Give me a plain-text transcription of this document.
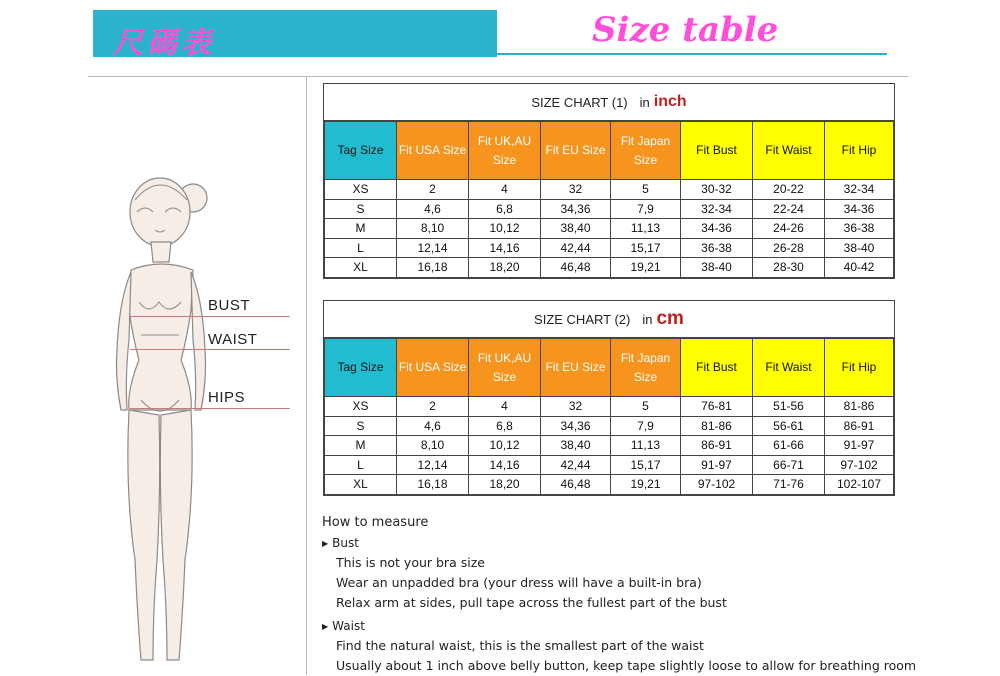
尺碼表	Size table
BUST
WAIST
HIPS
SIZE CHART (1) in inch
Tag Size	Fit USA Size	Fit UK,AU Size	Fit EU Size	Fit Japan Size	Fit Bust	Fit Waist	Fit Hip
XS	2	4	32	5	30-32	20-22	32-34
S	4,6	6,8	34,36	7,9	32-34	22-24	34-36
M	8,10	10,12	38,40	11,13	34-36	24-26	36-38
L	12,14	14,16	42,44	15,17	36-38	26-28	38-40
XL	16,18	18,20	46,48	19,21	38-40	28-30	40-42
SIZE CHART (2) in cm
Tag Size	Fit USA Size	Fit UK,AU Size	Fit EU Size	Fit Japan Size	Fit Bust	Fit Waist	Fit Hip
XS	2	4	32	5	76-81	51-56	81-86
S	4,6	6,8	34,36	7,9	81-86	56-61	86-91
M	8,10	10,12	38,40	11,13	86-91	61-66	91-97
L	12,14	14,16	42,44	15,17	91-97	66-71	97-102
XL	16,18	18,20	46,48	19,21	97-102	71-76	102-107
How to measure
▶ Bust
This is not your bra size
Wear an unpadded bra (your dress will have a built-in bra)
Relax arm at sides, pull tape across the fullest part of the bust
▶ Waist
Find the natural waist, this is the smallest part of the waist
Usually about 1 inch above belly button, keep tape slightly loose to allow for breathing room
